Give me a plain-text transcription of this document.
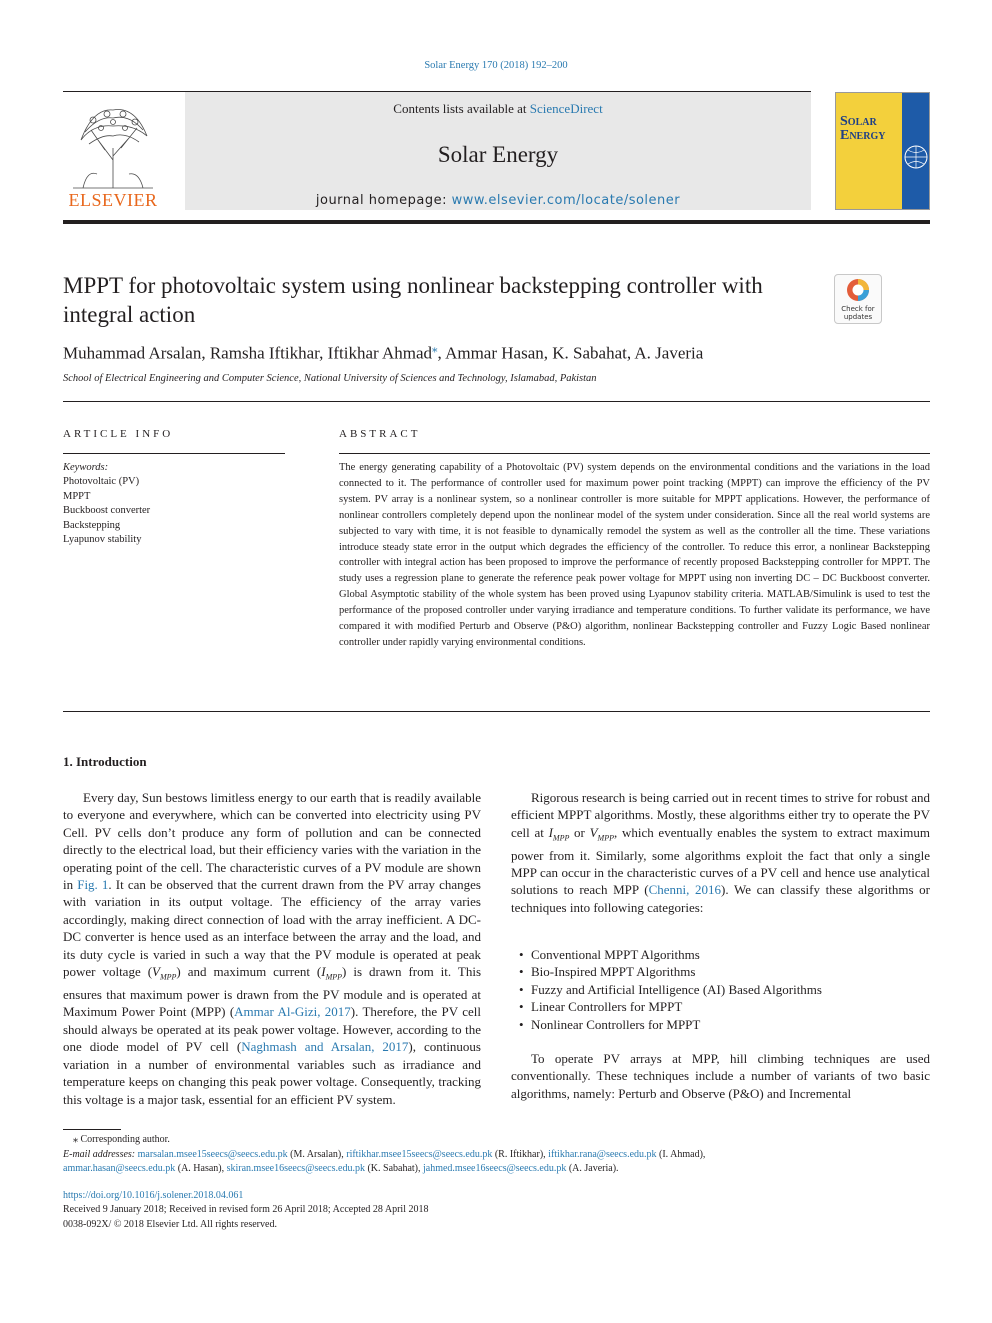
Solar Energy 170 (2018) 192–200
ELSEVIER
Contents lists available at ScienceDirect
Solar Energy
journal homepage: www.elsevier.com/locate/solener
Solar
Energy
MPPT for photovoltaic system using nonlinear backstepping controller with integral action	Check for
updates
Muhammad Arsalan, Ramsha Iftikhar, Iftikhar Ahmad⁎, Ammar Hasan, K. Sabahat, A. Javeria
School of Electrical Engineering and Computer Science, National University of Sciences and Technology, Islamabad, Pakistan
ARTICLE INFO
Keywords:
Photovoltaic (PV)
MPPT
Buckboost converter
Backstepping
Lyapunov stability
ABSTRACT
The energy generating capability of a Photovoltaic (PV) system depends on the environmental conditions and the variations in the load connected to it. The performance of controller used for maximum power point tracking (MPPT) can improve the efficiency of the PV system. PV array is a nonlinear system, so a nonlinear controller is more suitable for MPPT applications. However, the performance of nonlinear controllers completely depend upon the nonlinear model of the system under consideration. Since all the real world systems are subjected to vary with time, it is not feasible to dynamically remodel the system as well as the controller all the time. These variations introduce steady state error in the output which degrades the efficiency of the controller. To reduce this error, a nonlinear Backstepping controller with integral action has been proposed to improve the performance of recently proposed Backstepping controller for MPPT. The study uses a regression plane to generate the reference peak power voltage for MPPT using non inverting DC – DC Buckboost converter. Global Asymptotic stability of the whole system has been proved using Lyapunov stability criteria. MATLAB/Simulink is used to test the performance of the proposed controller under varying irradiance and temperature conditions. To further validate its performance, we have compared it with modified Perturb and Observe (P&O) algorithm, nonlinear Backstepping controller and Fuzzy Logic Based nonlinear controller under rapidly varying environmental conditions.
1. Introduction

Every day, Sun bestows limitless energy to our earth that is readily available to everyone and everywhere, which can be converted into electricity using PV Cell. PV cells don’t produce any form of pollution and can be connected directly to the electrical load, but their efficiency varies with the variation in the operating point of the cell. The characteristic curves of a PV module are shown in Fig. 1. It can be observed that the current drawn from the PV array changes with variation in its output voltage. The efficiency of the array varies accordingly, making direct connection of load with the array inefficient. A DC-DC converter is hence used as an interface between the array and the load, and its duty cycle is varied in such a way that the PV module is operated at peak power voltage $(V_{MPP})$ and maximum current $(I_{MPP})$ is drawn from it. This ensures that maximum power is drawn from the PV module and is operated at Maximum Power Point (MPP) (Ammar Al-Gizi, 2017). Therefore, the PV cell should always be operated at its peak power voltage. However, according to the one diode model of PV cell (Naghmash and Arsalan, 2017), continuous variation in a number of environmental variables such as irradiance and temperature keeps on changing this peak power voltage. Consequently, tracking this voltage is a major task, essential for an efficient PV system.

Rigorous research is being carried out in recent times to strive for robust and efficient MPPT algorithms. Mostly, these algorithms either try to operate the PV cell at $I_{MPP}$ or $V_{MPP}$, which eventually enables the system to extract maximum power from it. Similarly, some algorithms exploit the fact that only a single MPP can occur in the characteristic curves of a PV cell and hence use analytical solutions to reach MPP (Chenni, 2016). We can classify these algorithms or techniques into following categories:

• Conventional MPPT Algorithms
• Bio-Inspired MPPT Algorithms
• Fuzzy and Artificial Intelligence (AI) Based Algorithms
• Linear Controllers for MPPT
• Nonlinear Controllers for MPPT

To operate PV arrays at MPP, hill climbing techniques are used conventionally. These techniques include a number of variants of two basic algorithms, namely: Perturb and Observe (P&O) and Incremental

⁎ Corresponding author.
E-mail addresses: marsalan.msee15seecs@seecs.edu.pk (M. Arsalan), riftikhar.msee15seecs@seecs.edu.pk (R. Iftikhar), iftikhar.rana@seecs.edu.pk (I. Ahmad),
ammar.hasan@seecs.edu.pk (A. Hasan), skiran.msee16seecs@seecs.edu.pk (K. Sabahat), jahmed.msee16seecs@seecs.edu.pk (A. Javeria).
https://doi.org/10.1016/j.solener.2018.04.061
Received 9 January 2018; Received in revised form 26 April 2018; Accepted 28 April 2018
0038-092X/ © 2018 Elsevier Ltd. All rights reserved.
